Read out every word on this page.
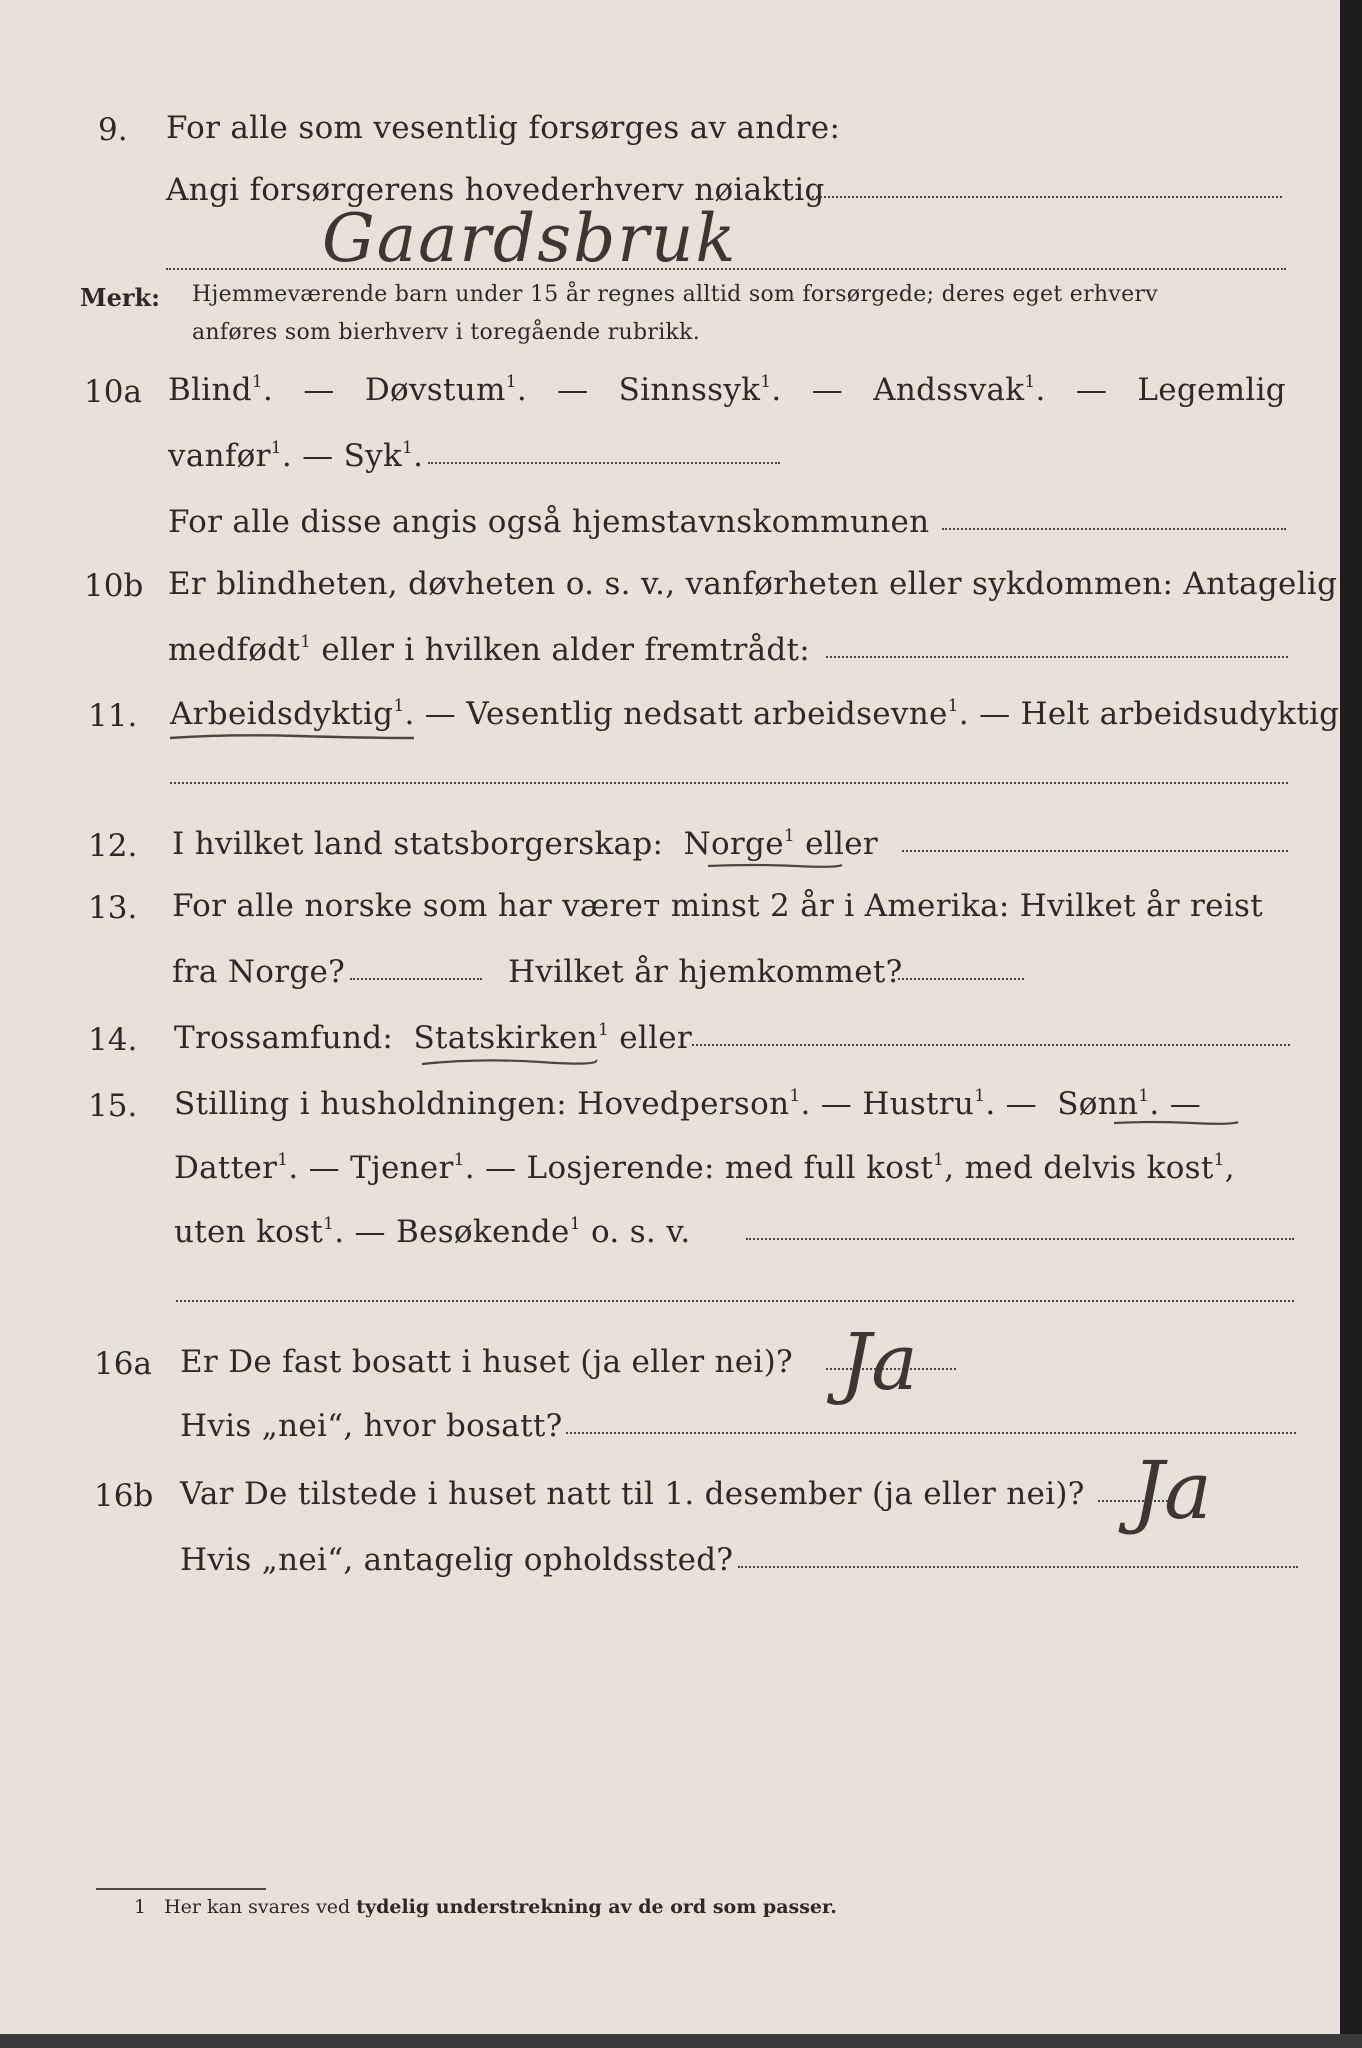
9.	For alle som vesentlig forsørges av andre:
Angi forsørgerens hovederhverv nøiaktig
Gaardsbruk
Merk: Hjemmeværende barn under 15 år regnes alltid som forsørgede; deres eget erhverv
anføres som bierhverv i toregående rubrikk.
10a Blind$^1$. — Døvstum$^1$. — Sinnssyk$^1$. — Andssvak$^1$. — Legemlig
vanfør$^1$. — Syk$^1$.
For alle disse angis også hjemstavnskommunen
10b Er blindheten, døvheten o. s. v., vanførheten eller sykdommen: Antagelig
medfødt$^1$ eller i hvilken alder fremtrådt:
11.	Arbeidsdyktig$^1$. — Vesentlig nedsatt arbeidsevne$^1$. — Helt arbeidsudyktig
12.	I hvilket land statsborgerskap: Norge$^1$ eller
13.	For alle norske som har væreт minst 2 år i Amerika: Hvilket år reist
fra Norge?	Hvilket år hjemkommet?
14.	Trossamfund: Statskirken$^1$ eller
15.	Stilling i husholdningen: Hovedperson$^1$. — Hustru$^1$. — Sønn$^1$. —
Datter$^1$. — Tjener$^1$. — Losjerende: med full kost$^1$, med delvis kost$^1$,
uten kost$^1$. — Besøkende$^1$ o. s. v.
16a Er De fast bosatt i huset (ja eller nei)? Ja
Hvis „nei“, hvor bosatt?
16b Var De tilstede i huset natt til 1. desember (ja eller nei)? Ja
Hvis „nei“, antagelig opholdssted?
1 Her kan svares ved tydelig understrekning av de ord som passer.
